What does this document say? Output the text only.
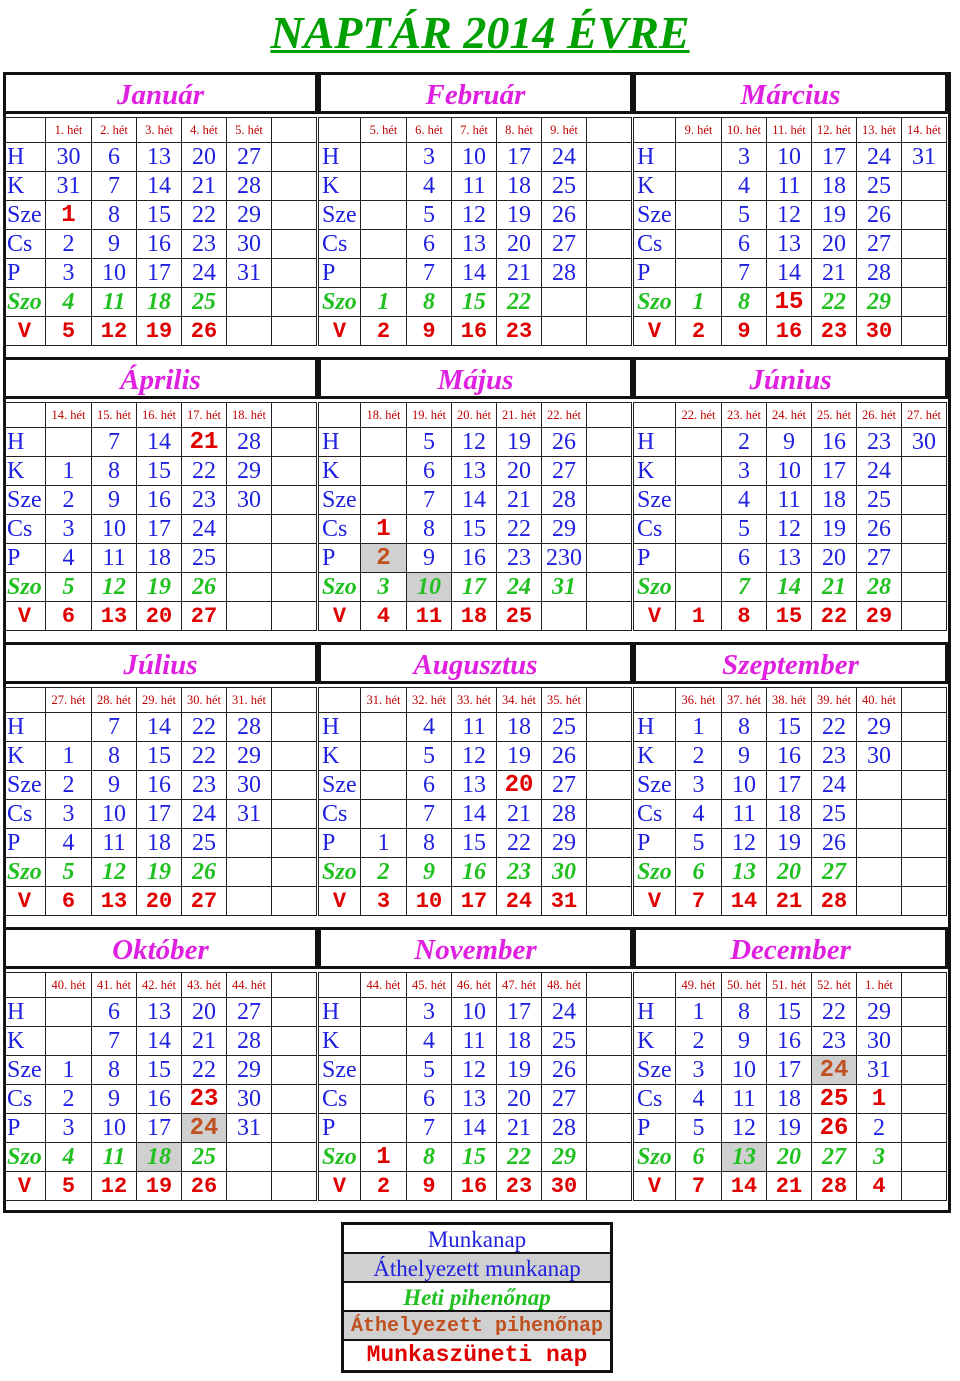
NAPTÁR 2014 ÉVRE
Január
	1. hét	2. hét	3. hét	4. hét	5. hét	
H	30	6	13	20	27	
K	31	7	14	21	28	
Sze	1	8	15	22	29	
Cs	2	9	16	23	30	
P	3	10	17	24	31	
Szo	4	11	18	25		
V	5	12	19	26		
Február
	5. hét	6. hét	7. hét	8. hét	9. hét	
H		3	10	17	24	
K		4	11	18	25	
Sze		5	12	19	26	
Cs		6	13	20	27	
P		7	14	21	28	
Szo	1	8	15	22		
V	2	9	16	23		
Március
	9. hét	10. hét	11. hét	12. hét	13. hét	14. hét
H		3	10	17	24	31
K		4	11	18	25	
Sze		5	12	19	26	
Cs		6	13	20	27	
P		7	14	21	28	
Szo	1	8	15	22	29	
V	2	9	16	23	30	
Április
	14. hét	15. hét	16. hét	17. hét	18. hét	
H		7	14	21	28	
K	1	8	15	22	29	
Sze	2	9	16	23	30	
Cs	3	10	17	24		
P	4	11	18	25		
Szo	5	12	19	26		
V	6	13	20	27		
Május
	18. hét	19. hét	20. hét	21. hét	22. hét	
H		5	12	19	26	
K		6	13	20	27	
Sze		7	14	21	28	
Cs	1	8	15	22	29	
P	2	9	16	23	230	
Szo	3	10	17	24	31	
V	4	11	18	25		
Június
	22. hét	23. hét	24. hét	25. hét	26. hét	27. hét
H		2	9	16	23	30
K		3	10	17	24	
Sze		4	11	18	25	
Cs		5	12	19	26	
P		6	13	20	27	
Szo		7	14	21	28	
V	1	8	15	22	29	
Július
	27. hét	28. hét	29. hét	30. hét	31. hét	
H		7	14	22	28	
K	1	8	15	22	29	
Sze	2	9	16	23	30	
Cs	3	10	17	24	31	
P	4	11	18	25		
Szo	5	12	19	26		
V	6	13	20	27		
Augusztus
	31. hét	32. hét	33. hét	34. hét	35. hét	
H		4	11	18	25	
K		5	12	19	26	
Sze		6	13	20	27	
Cs		7	14	21	28	
P	1	8	15	22	29	
Szo	2	9	16	23	30	
V	3	10	17	24	31	
Szeptember
	36. hét	37. hét	38. hét	39. hét	40. hét	
H	1	8	15	22	29	
K	2	9	16	23	30	
Sze	3	10	17	24		
Cs	4	11	18	25		
P	5	12	19	26		
Szo	6	13	20	27		
V	7	14	21	28		
Október
	40. hét	41. hét	42. hét	43. hét	44. hét	
H		6	13	20	27	
K		7	14	21	28	
Sze	1	8	15	22	29	
Cs	2	9	16	23	30	
P	3	10	17	24	31	
Szo	4	11	18	25		
V	5	12	19	26		
November
	44. hét	45. hét	46. hét	47. hét	48. hét	
H		3	10	17	24	
K		4	11	18	25	
Sze		5	12	19	26	
Cs		6	13	20	27	
P		7	14	21	28	
Szo	1	8	15	22	29	
V	2	9	16	23	30	
December
	49. hét	50. hét	51. hét	52. hét	1. hét	
H	1	8	15	22	29	
K	2	9	16	23	30	
Sze	3	10	17	24	31	
Cs	4	11	18	25	1	
P	5	12	19	26	2	
Szo	6	13	20	27	3	
V	7	14	21	28	4	
Munkanap
Áthelyezett munkanap
Heti pihenőnap
Áthelyezett pihenőnap
Munkaszüneti nap
